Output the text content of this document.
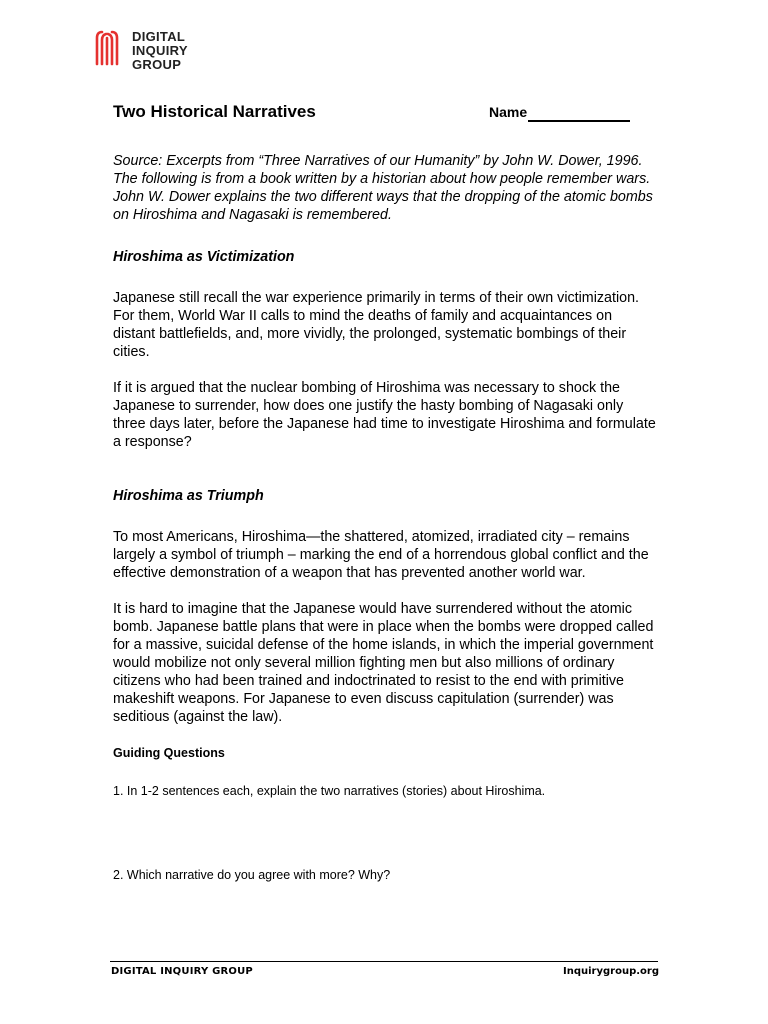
DIGITAL
INQUIRY
GROUP
Two Historical Narratives	Name

Source: Excerpts from “Three Narratives of our Humanity” by John W. Dower, 1996. The following is from a book written by a historian about how people remember wars. John W. Dower explains the two different ways that the dropping of the atomic bombs on Hiroshima and Nagasaki is remembered.

Hiroshima as Victimization

Japanese still recall the war experience primarily in terms of their own victimization. For them, World War II calls to mind the deaths of family and acquaintances on distant battlefields, and, more vividly, the prolonged, systematic bombings of their cities.

If it is argued that the nuclear bombing of Hiroshima was necessary to shock the Japanese to surrender, how does one justify the hasty bombing of Nagasaki only three days later, before the Japanese had time to investigate Hiroshima and formulate a response?

Hiroshima as Triumph

To most Americans, Hiroshima—the shattered, atomized, irradiated city – remains largely a symbol of triumph – marking the end of a horrendous global conflict and the effective demonstration of a weapon that has prevented another world war.

It is hard to imagine that the Japanese would have surrendered without the atomic bomb. Japanese battle plans that were in place when the bombs were dropped called for a massive, suicidal defense of the home islands, in which the imperial government would mobilize not only several million fighting men but also millions of ordinary citizens who had been trained and indoctrinated to resist to the end with primitive makeshift weapons. For Japanese to even discuss capitulation (surrender) was seditious (against the law).

Guiding Questions

1. In 1-2 sentences each, explain the two narratives (stories) about Hiroshima.

2. Which narrative do you agree with more? Why?

DIGITAL INQUIRY GROUP	Inquirygroup.org
